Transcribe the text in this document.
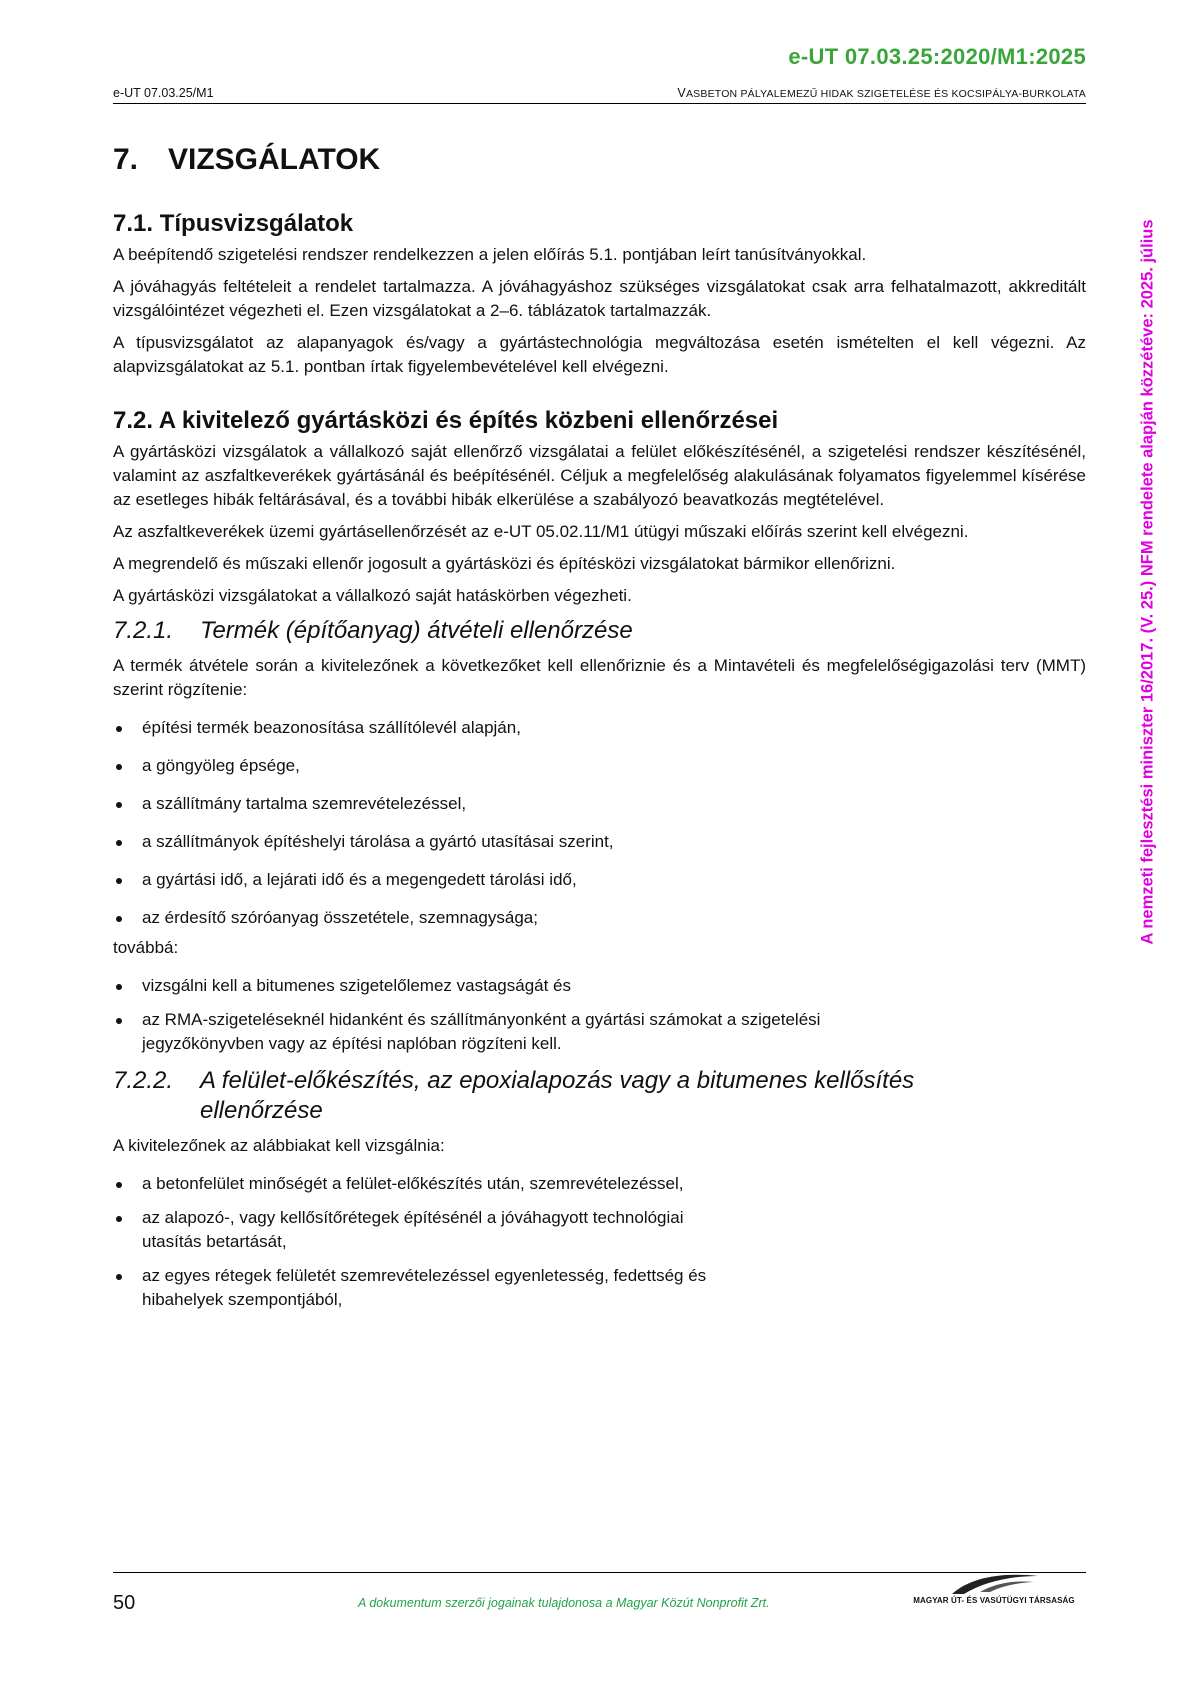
e-UT 07.03.25:2020/M1:2025
e-UT 07.03.25/M1	VASBETON PÁLYALEMEZŰ HIDAK SZIGETELÉSE ÉS KOCSIPÁLYA-BURKOLATA
A nemzeti fejlesztési miniszter 16/2017. (V. 25.) NFM rendelete alapján közzétéve: 2025. július
7. VIZSGÁLATOK
7.1. Típusvizsgálatok

A beépítendő szigetelési rendszer rendelkezzen a jelen előírás 5.1. pontjában leírt tanúsítványokkal.

A jóváhagyás feltételeit a rendelet tartalmazza. A jóváhagyáshoz szükséges vizsgálatokat csak arra felhatalmazott, akkreditált vizsgálóintézet végezheti el. Ezen vizsgálatokat a 2–6. táblázatok tartalmazzák.

A típusvizsgálatot az alapanyagok és/vagy a gyártástechnológia megváltozása esetén ismételten el kell végezni. Az alapvizsgálatokat az 5.1. pontban írtak figyelembevételével kell elvégezni.

7.2. A kivitelező gyártásközi és építés közbeni ellenőrzései

A gyártásközi vizsgálatok a vállalkozó saját ellenőrző vizsgálatai a felület előkészítésénél, a szigetelési rendszer készítésénél, valamint az aszfaltkeverékek gyártásánál és beépítésénél. Céljuk a megfelelőség alakulásának folyamatos figyelemmel kísérése az esetleges hibák feltárásával, és a további hibák elkerülése a szabályozó beavatkozás megtételével.

Az aszfaltkeverékek üzemi gyártásellenőrzését az e-UT 05.02.11/M1 útügyi műszaki előírás szerint kell elvégezni.

A megrendelő és műszaki ellenőr jogosult a gyártásközi és építésközi vizsgálatokat bármikor ellenőrizni.

A gyártásközi vizsgálatokat a vállalkozó saját hatáskörben végezheti.

7.2.1.	Termék (építőanyag) átvételi ellenőrzése

A termék átvétele során a kivitelezőnek a következőket kell ellenőriznie és a Mintavételi és megfelelőségigazolási terv (MMT) szerint rögzítenie:

építési termék beazonosítása szállítólevél alapján,
a göngyöleg épsége,
a szállítmány tartalma szemrevételezéssel,
a szállítmányok építéshelyi tárolása a gyártó utasításai szerint,
a gyártási idő, a lejárati idő és a megengedett tárolási idő,
az érdesítő szóróanyag összetétele, szemnagysága;

továbbá:

vizsgálni kell a bitumenes szigetelőlemez vastagságát és
az RMA-szigeteléseknél hidanként és szállítmányonként a gyártási számokat a szigetelési jegyzőkönyvben vagy az építési naplóban rögzíteni kell.
7.2.2.	A felület-előkészítés, az epoxialapozás vagy a bitumenes kellősítés ellenőrzése

A kivitelezőnek az alábbiakat kell vizsgálnia:

a betonfelület minőségét a felület-előkészítés után, szemrevételezéssel,
az alapozó-, vagy kellősítőrétegek építésénél a jóváhagyott technológiai utasítás betartását,
az egyes rétegek felületét szemrevételezéssel egyenletesség, fedettség és hibahelyek szempontjából,
50	A dokumentum szerzői jogainak tulajdonosa a Magyar Közút Nonprofit Zrt.	MAGYAR ÚT- ÉS VASÚTÜGYI TÁRSASÁG
